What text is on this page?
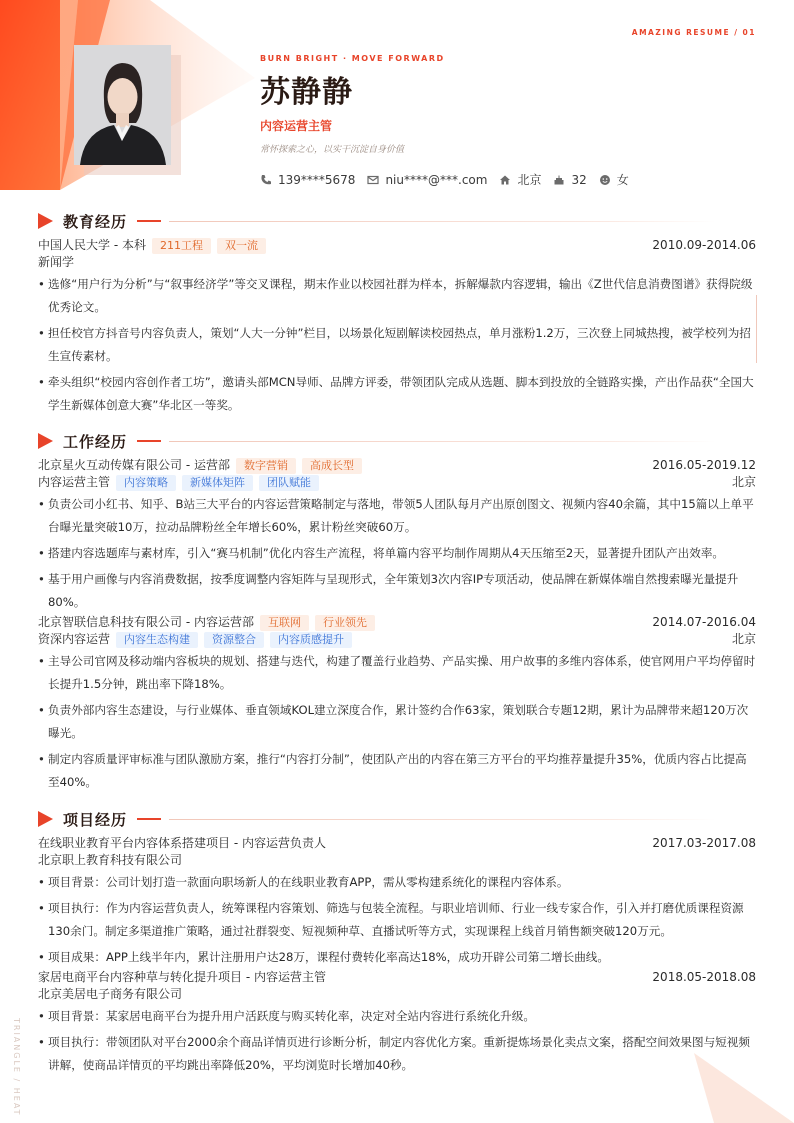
TRIANGLE / HEAT
AMAZING RESUME / 01
BURN BRIGHT · MOVE FORWARD
苏静静
内容运营主管
常怀探索之心，以实干沉淀自身价值
139****5678	niu****@***.com	北京	32	女
教育经历
中国人民大学 - 本科	211工程	双一流	2010.09-2014.06
新闻学
• 选修“用户行为分析”与“叙事经济学”等交叉课程，期末作业以校园社群为样本，拆解爆款内容逻辑，输出《Z世代信息消费图谱》获得院级优秀论文。
• 担任校官方抖音号内容负责人，策划“人大一分钟”栏目，以场景化短剧解读校园热点，单月涨粉1.2万，三次登上同城热搜，被学校列为招生宣传素材。
• 牵头组织“校园内容创作者工坊”，邀请头部MCN导师、品牌方评委，带领团队完成从选题、脚本到投放的全链路实操，产出作品获“全国大学生新媒体创意大赛”华北区一等奖。
工作经历
北京星火互动传媒有限公司 - 运营部	数字营销	高成长型	2016.05-2019.12
内容运营主管	内容策略	新媒体矩阵	团队赋能	北京
• 负责公司小红书、知乎、B站三大平台的内容运营策略制定与落地，带领5人团队每月产出原创图文、视频内容40余篇，其中15篇以上单平台曝光量突破10万，拉动品牌粉丝全年增长60%，累计粉丝突破60万。
• 搭建内容选题库与素材库，引入“赛马机制”优化内容生产流程，将单篇内容平均制作周期从4天压缩至2天，显著提升团队产出效率。
• 基于用户画像与内容消费数据，按季度调整内容矩阵与呈现形式，全年策划3次内容IP专项活动，使品牌在新媒体端自然搜索曝光量提升80%。
北京智联信息科技有限公司 - 内容运营部	互联网	行业领先	2014.07-2016.04
资深内容运营	内容生态构建	资源整合	内容质感提升	北京
• 主导公司官网及移动端内容板块的规划、搭建与迭代，构建了覆盖行业趋势、产品实操、用户故事的多维内容体系，使官网用户平均停留时长提升1.5分钟，跳出率下降18%。
• 负责外部内容生态建设，与行业媒体、垂直领域KOL建立深度合作，累计签约合作63家，策划联合专题12期，累计为品牌带来超120万次曝光。
• 制定内容质量评审标准与团队激励方案，推行“内容打分制”，使团队产出的内容在第三方平台的平均推荐量提升35%，优质内容占比提高至40%。
项目经历
在线职业教育平台内容体系搭建项目 - 内容运营负责人	2017.03-2017.08
北京职上教育科技有限公司
• 项目背景：公司计划打造一款面向职场新人的在线职业教育APP，需从零构建系统化的课程内容体系。
• 项目执行：作为内容运营负责人，统筹课程内容策划、筛选与包装全流程。与职业培训师、行业一线专家合作，引入并打磨优质课程资源130余门。制定多渠道推广策略，通过社群裂变、短视频种草、直播试听等方式，实现课程上线首月销售额突破120万元。
• 项目成果：APP上线半年内，累计注册用户达28万，课程付费转化率高达18%，成功开辟公司第二增长曲线。
家居电商平台内容种草与转化提升项目 - 内容运营主管	2018.05-2018.08
北京美居电子商务有限公司
• 项目背景：某家居电商平台为提升用户活跃度与购买转化率，决定对全站内容进行系统化升级。
• 项目执行：带领团队对平台2000余个商品详情页进行诊断分析，制定内容优化方案。重新提炼场景化卖点文案，搭配空间效果图与短视频讲解，使商品详情页的平均跳出率降低20%，平均浏览时长增加40秒。
